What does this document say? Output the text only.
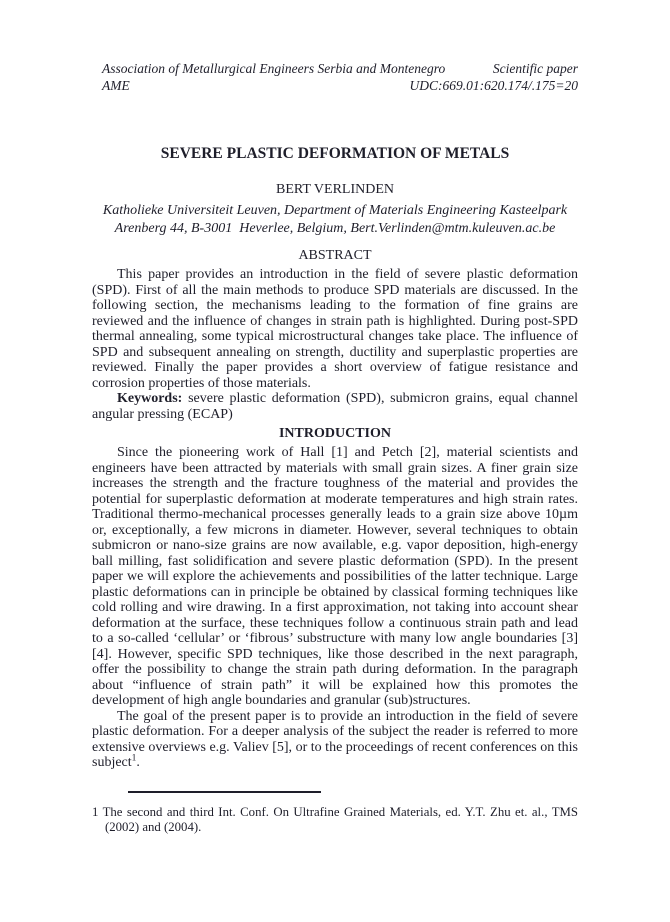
Association of Metallurgical Engineers Serbia and Montenegro	Scientific paper
AME	UDC:669.01:620.174/.175=20
SEVERE PLASTIC DEFORMATION OF METALS
BERT VERLINDEN
Katholieke Universiteit Leuven, Department of Materials Engineering Kasteelpark
Arenberg 44, B-3001  Heverlee, Belgium, Bert.Verlinden@mtm.kuleuven.ac.be
ABSTRACT

This paper provides an introduction in the field of severe plastic deformation (SPD). First of all the main methods to produce SPD materials are discussed. In the following section, the mechanisms leading to the formation of fine grains are reviewed and the influence of changes in strain path is highlighted. During post-SPD thermal annealing, some typical microstructural changes take place. The influence of SPD and subsequent annealing on strength, ductility and superplastic properties are reviewed. Finally the paper provides a short overview of fatigue resistance and corrosion properties of those materials.

Keywords: severe plastic deformation (SPD), submicron grains, equal channel angular pressing (ECAP)

INTRODUCTION

Since the pioneering work of Hall [1] and Petch [2], material scientists and engineers have been attracted by materials with small grain sizes. A finer grain size increases the strength and the fracture toughness of the material and provides the potential for superplastic deformation at moderate temperatures and high strain rates. Traditional thermo-mechanical processes generally leads to a grain size above 10µm or, exceptionally, a few microns in diameter. However, several techniques to obtain submicron or nano-size grains are now available, e.g. vapor deposition, high-energy ball milling, fast solidification and severe plastic deformation (SPD). In the present paper we will explore the achievements and possibilities of the latter technique. Large plastic deformations can in principle be obtained by classical forming techniques like cold rolling and wire drawing. In a first approximation, not taking into account shear deformation at the surface, these techniques follow a continuous strain path and lead to a so-called ‘cellular’ or ‘fibrous’ substructure with many low angle boundaries [3][4]. However, specific SPD techniques, like those described in the next paragraph, offer the possibility to change the strain path during deformation. In the paragraph about “influence of strain path” it will be explained how this promotes the development of high angle boundaries and granular (sub)structures.

The goal of the present paper is to provide an introduction in the field of severe plastic deformation. For a deeper analysis of the subject the reader is referred to more extensive overviews e.g. Valiev [5], or to the proceedings of recent conferences on this subject$^1$.

1 The second and third Int. Conf. On Ultrafine Grained Materials, ed. Y.T. Zhu et. al., TMS (2002) and (2004).
